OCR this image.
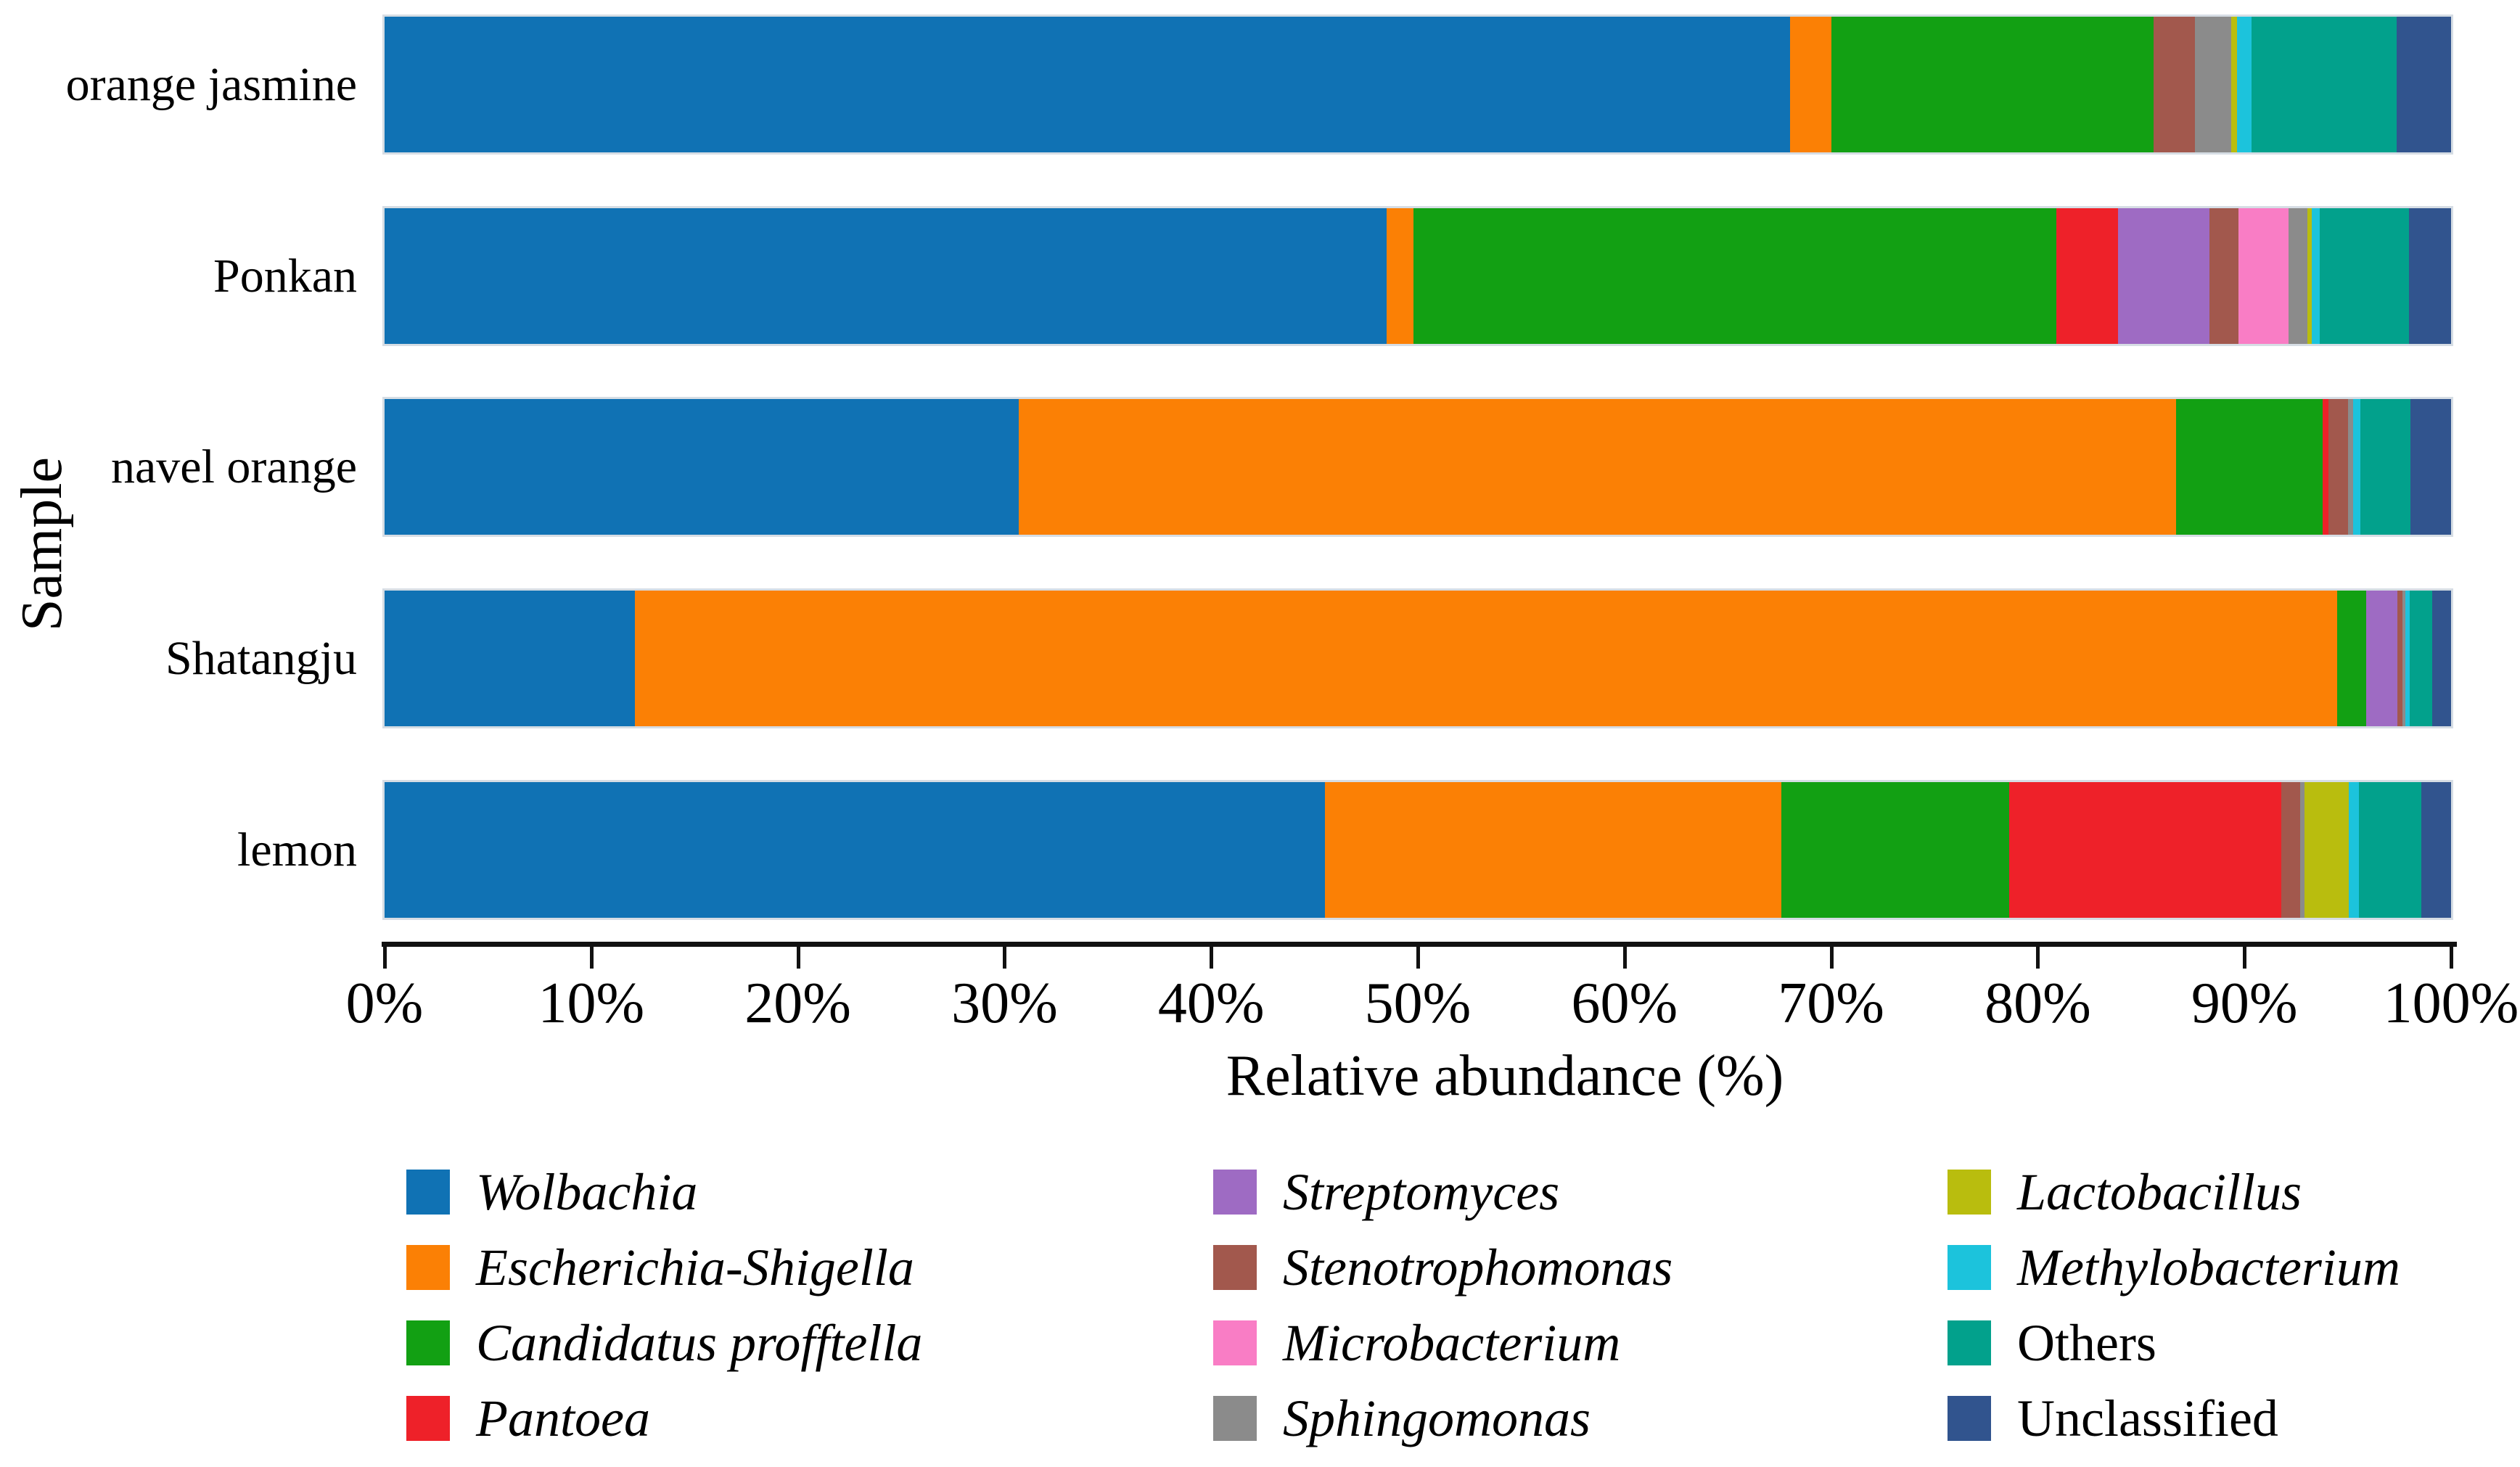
Sample
orange jasmine
Ponkan
navel orange
Shatangju
lemon
0%	10%	20%	30%	40%	50%	60%	70%	80%	90%	100%
Relative abundance (%)
Wolbachia
Escherichia-Shigella
Candidatus profftella
Pantoea
Streptomyces
Stenotrophomonas
Microbacterium
Sphingomonas
Lactobacillus
Methylobacterium
Others
Unclassified
